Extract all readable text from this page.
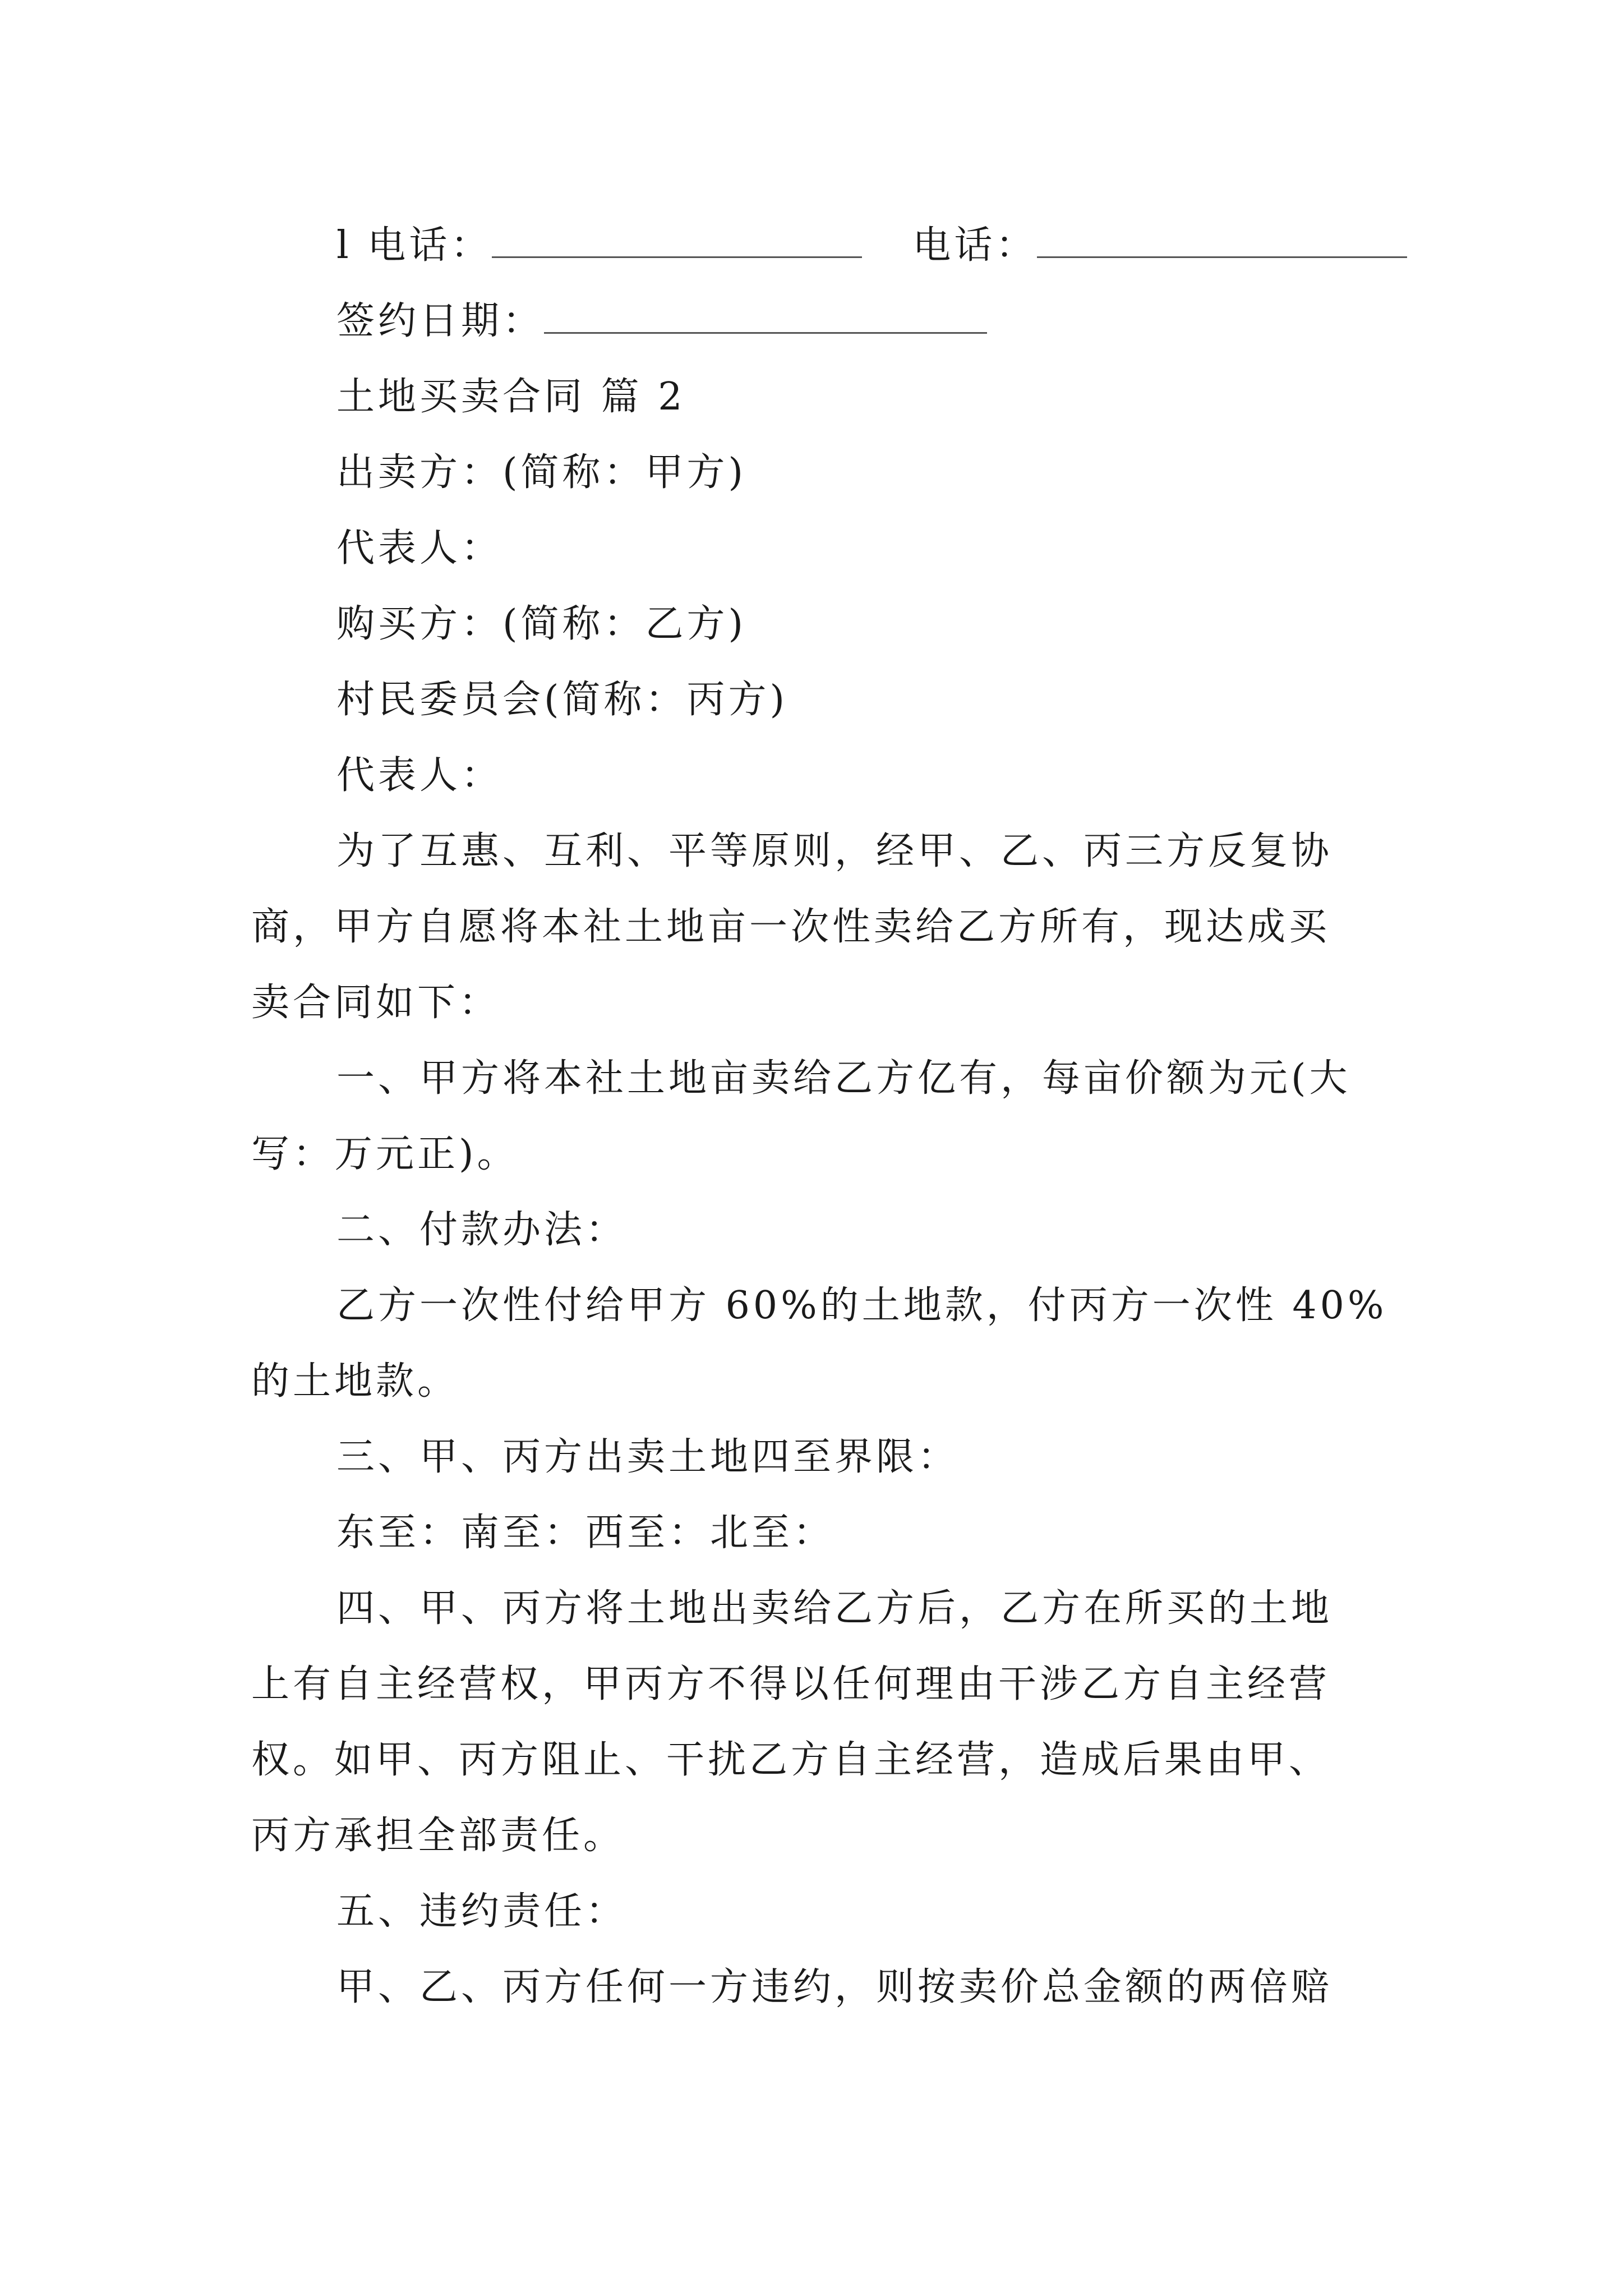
l 电话：	电话：
签约日期：
土地买卖合同 篇 2
出卖方：(简称：甲方)
代表人：
购买方：(简称：乙方)
村民委员会(简称：丙方)
代表人：
为了互惠、互利、平等原则，经甲、乙、丙三方反复协
商，甲方自愿将本社土地亩一次性卖给乙方所有，现达成买
卖合同如下：
一、甲方将本社土地亩卖给乙方亿有，每亩价额为元(大
写：万元正)。
二、付款办法：
乙方一次性付给甲方 60%的土地款，付丙方一次性 40%
的土地款。
三、甲、丙方出卖土地四至界限：
东至：南至：西至：北至：
四、甲、丙方将土地出卖给乙方后，乙方在所买的土地
上有自主经营权，甲丙方不得以任何理由干涉乙方自主经营
权。如甲、丙方阻止、干扰乙方自主经营，造成后果由甲、
丙方承担全部责任。
五、违约责任：
甲、乙、丙方任何一方违约，则按卖价总金额的两倍赔
